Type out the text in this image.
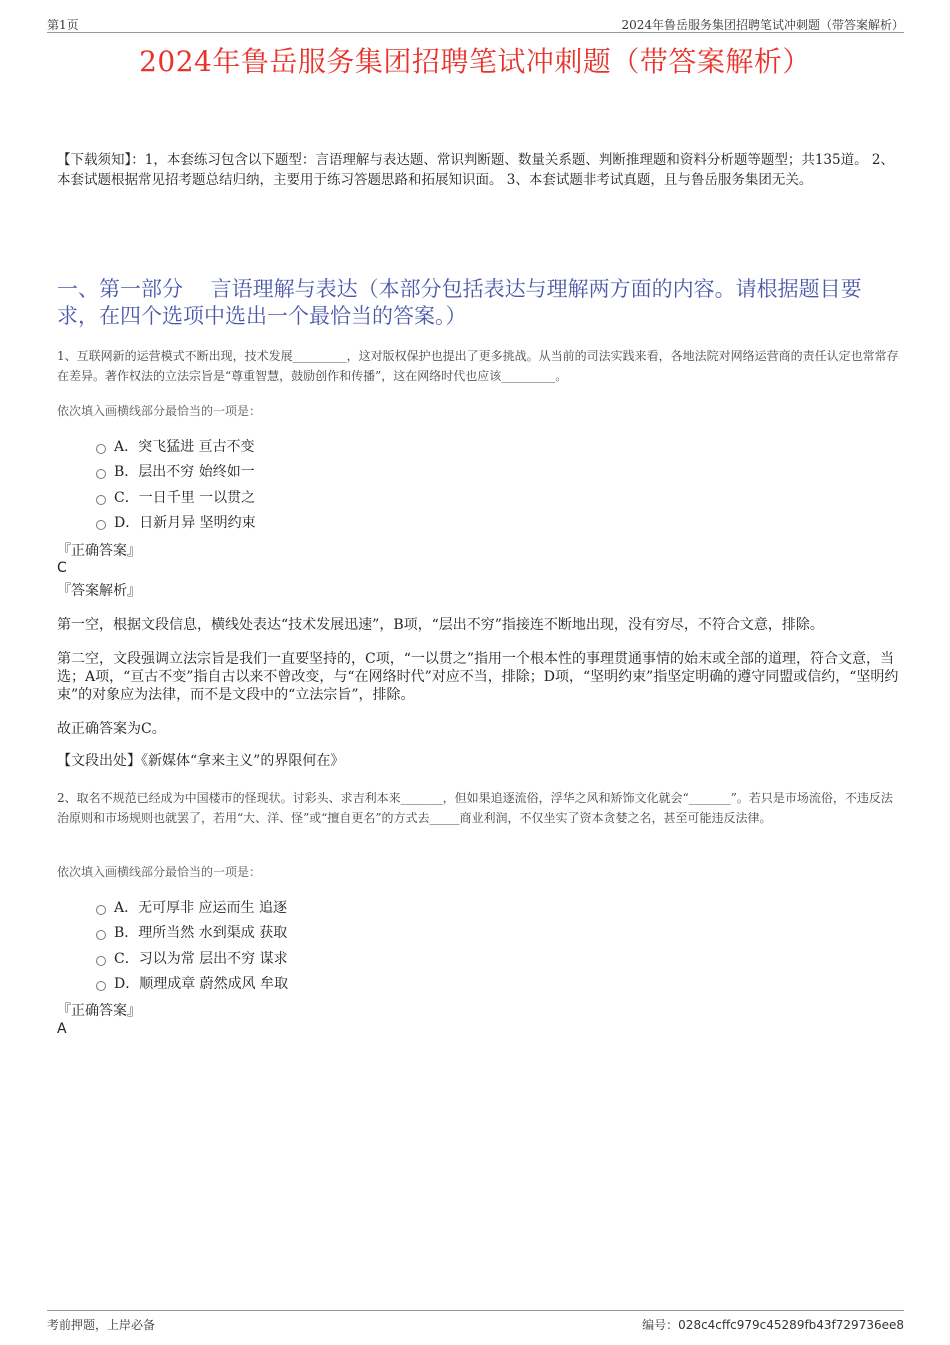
第1页	2024年鲁岳服务集团招聘笔试冲刺题（带答案解析）
2024年鲁岳服务集团招聘笔试冲刺题（带答案解析）
【下载须知】：1，本套练习包含以下题型：言语理解与表达题、常识判断题、数量关系题、判断推理题和资料分析题等题型；共135道。 2、本套试题根据常见招考题总结归纳，主要用于练习答题思路和拓展知识面。 3、本套试题非考试真题，且与鲁岳服务集团无关。
一、第一部分　 言语理解与表达（本部分包括表达与理解两方面的内容。请根据题目要求，在四个选项中选出一个最恰当的答案。）
1、互联网新的运营模式不断出现，技术发展_________，这对版权保护也提出了更多挑战。从当前的司法实践来看，各地法院对网络运营商的责任认定也常常存在差异。著作权法的立法宗旨是“尊重智慧，鼓励创作和传播”，这在网络时代也应该_________。
依次填入画横线部分最恰当的一项是：
A．突飞猛进 亘古不变
B．层出不穷 始终如一
C．一日千里 一以贯之
D．日新月异 坚明约束
『正确答案』
C
『答案解析』
第一空，根据文段信息，横线处表达“技术发展迅速”，B项，“层出不穷”指接连不断地出现，没有穷尽，不符合文意，排除。
第二空，文段强调立法宗旨是我们一直要坚持的，C项，“一以贯之”指用一个根本性的事理贯通事情的始末或全部的道理，符合文意，当选；A项，“亘古不变”指自古以来不曾改变，与“在网络时代”对应不当，排除；D项，“坚明约束”指坚定明确的遵守同盟或信约，“坚明约束”的对象应为法律，而不是文段中的“立法宗旨”，排除。
故正确答案为C。
【文段出处】《新媒体“拿来主义”的界限何在》
2、取名不规范已经成为中国楼市的怪现状。讨彩头、求吉利本来_______，但如果追逐流俗，浮华之风和矫饰文化就会“_______”。若只是市场流俗，不违反法治原则和市场规则也就罢了，若用“大、洋、怪”或“擅自更名”的方式去_____商业利润，不仅坐实了资本贪婪之名，甚至可能违反法律。
依次填入画横线部分最恰当的一项是：
A．无可厚非 应运而生 追逐
B．理所当然 水到渠成 获取
C．习以为常 层出不穷 谋求
D．顺理成章 蔚然成风 牟取
『正确答案』
A
考前押题，上岸必备	编号：028c4cffc979c45289fb43f729736ee8
